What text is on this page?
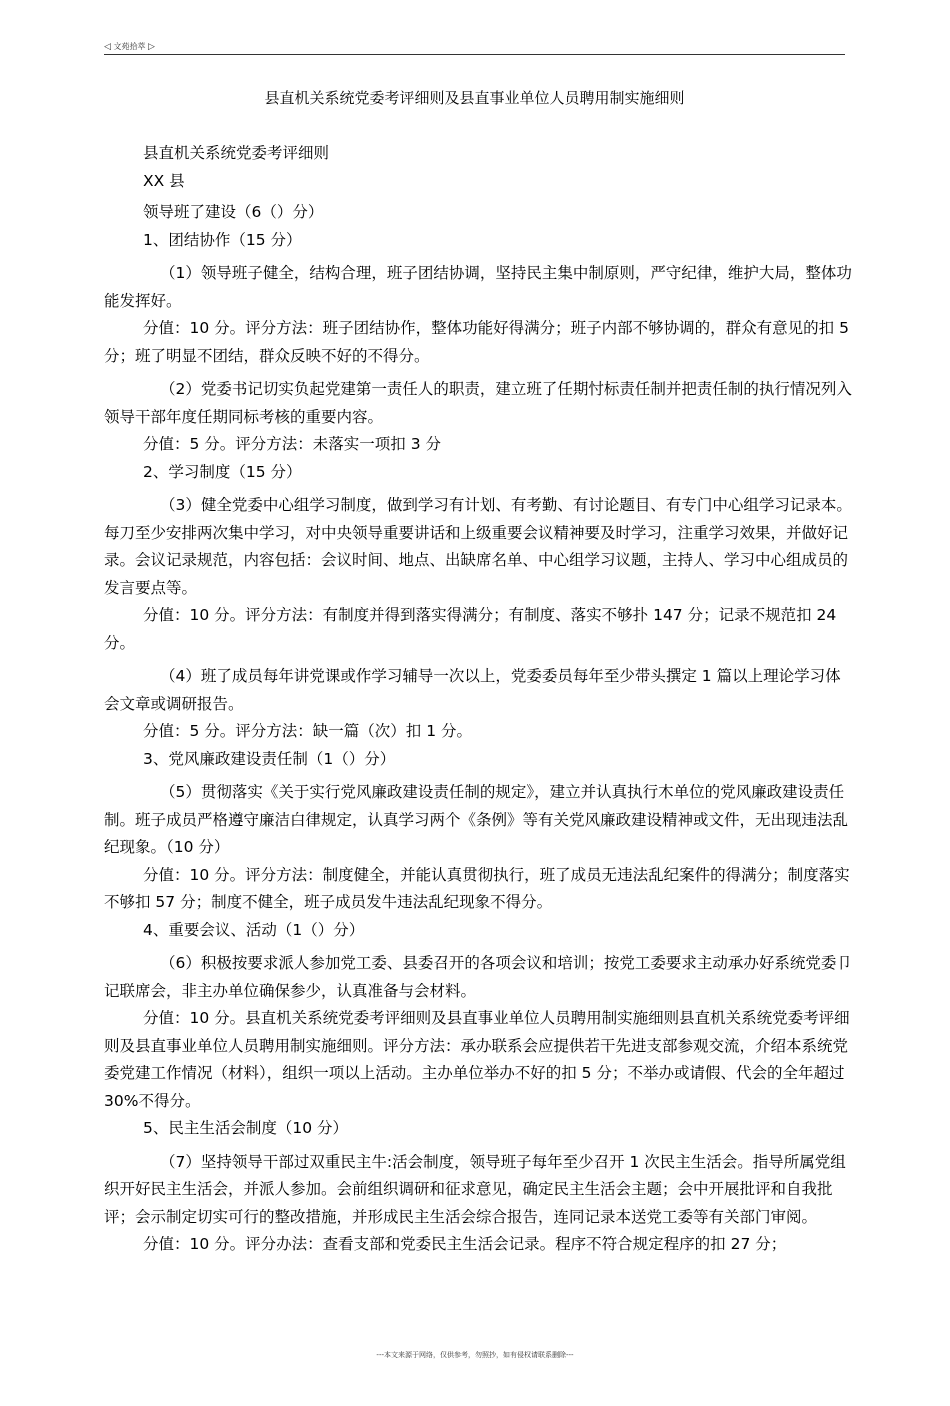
◁ 文苑拾萃 ▷
县直机关系统党委考评细则及县直事业单位人员聘用制实施细则

县直机关系统党委考评细则

XX 县

领导班了建设（6（）分）

1、团结协作（15 分）

（1）领导班子健全，结构合理，班子团结协调，坚持民主集中制原则，严守纪律，维护大局，整体功能发挥好。

分值：10 分。评分方法：班子团结协作，整体功能好得满分；班子内部不够协调的，群众有意见的扣 5 分；班了明显不团结，群众反映不好的不得分。

（2）党委书记切实负起党建第一责任人的职责，建立班了任期忖标责任制并把责任制的执行情况列入领导干部年度任期同标考核的重要内容。

分值：5 分。评分方法：未落实一项扣 3 分

2、学习制度（15 分）

（3）健全党委中心组学习制度，做到学习有计划、有考勤、有讨论题目、有专门中心组学习记录本。每刀至少安排两次集中学习，对中央领导重要讲话和上级重要会议精神要及时学习，注重学习效果，并做好记录。会议记录规范，内容包括：会议时间、地点、出缺席名单、中心组学习议题，主持人、学习中心组成员的发言要点等。

分值：10 分。评分方法：有制度并得到落实得满分；有制度、落实不够扑 147 分；记录不规范扣 24 分。

（4）班了成员每年讲党课或作学习辅导一次以上，党委委员每年至少带头撰定 1 篇以上理论学习体会文章或调研报告。

分值：5 分。评分方法：缺一篇（次）扣 1 分。

3、党风廉政建设责任制（1（）分）

（5）贯彻落实《关于实行党风廉政建设责任制的规定》，建立并认真执行木单位的党风廉政建设责任制。班子成员严格遵守廉洁白律规定，认真学习两个《条例》等有关党风廉政建设精神或文件，无出现违法乱纪现象。（10 分）

分值：10 分。评分方法：制度健全，并能认真贯彻执行，班了成员无违法乱纪案件的得满分；制度落实不够扣 57 分；制度不健全，班子成员发牛违法乱纪现象不得分。

4、重要会议、活动（1（）分）

（6）积极按要求派人参加党工委、县委召开的各项会议和培训；按党工委要求主动承办好系统党委卩记联席会，非主办单位确保参少，认真准备与会材料。

分值：10 分。县直机关系统党委考评细则及县直事业单位人员聘用制实施细则县直机关系统党委考评细则及县直事业单位人员聘用制实施细则。评分方法：承办联系会应提供若干先进支部参观交流，介绍本系统党委党建工作情况（材料），组织一项以上活动。主办单位举办不好的扣 5 分；不举办或请假、代会的全年超过 30%不得分。

5、民主生活会制度（10 分）

（7）坚持领导干部过双重民主牛:活会制度，领导班子每年至少召开 1 次民主生活会。指导所属党组织开好民主生活会，并派人参加。会前组织调研和征求意见，确定民主生活会主题；会中开展批评和自我批评；会示制定切实可行的整改措施，并形成民主生活会综合报告，连同记录本送党工委等有关部门审阅。

分值：10 分。评分办法：查看支部和党委民主生活会记录。程序不符合规定程序的扣 27 分；

---本文来源于网络，仅供参考，勿照抄，如有侵权请联系删除---
